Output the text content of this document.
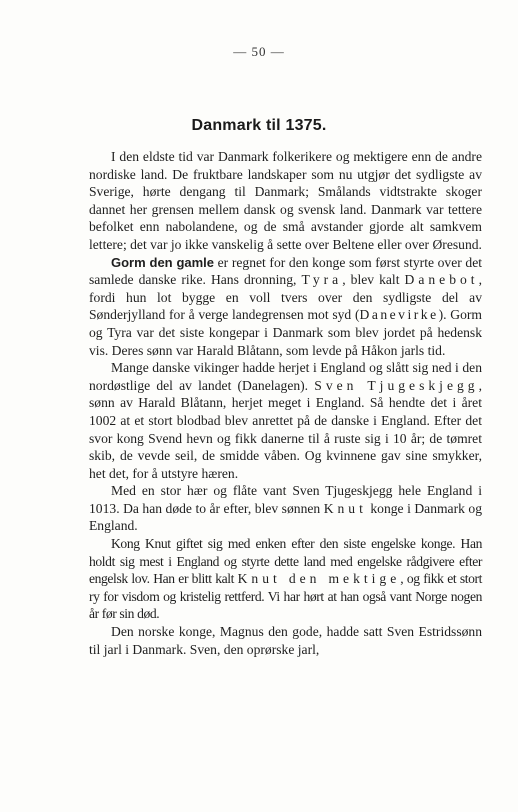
— 50 —
Danmark til 1375.

I den eldste tid var Danmark folkerikere og mektigere enn de andre nordiske land. De fruktbare landskaper som nu utgjør det sydligste av Sverige, hørte dengang til Danmark; Smålands vidtstrakte skoger dannet her grensen mellem dansk og svensk land. Danmark var tettere befolket enn nabolandene, og de små avstander gjorde alt samkvem lettere; det var jo ikke vanskelig å sette over Beltene eller over Øresund.

Gorm den gamle er regnet for den konge som først styrte over det samlede danske rike. Hans dronning, Tyra, blev kalt Danebot, fordi hun lot bygge en voll tvers over den sydligste del av Sønderjylland for å verge landegrensen mot syd (Danevirke). Gorm og Tyra var det siste kongepar i Danmark som blev jordet på hedensk vis. Deres sønn var Harald Blåtann, som levde på Håkon jarls tid.

Mange danske vikinger hadde herjet i England og slått sig ned i den nordøstlige del av landet (Danelagen). Sven Tjugeskjegg, sønn av Harald Blåtann, herjet meget i England. Så hendte det i året 1002 at et stort blodbad blev anrettet på de danske i England. Efter det svor kong Svend hevn og fikk danerne til å ruste sig i 10 år; de tømret skib, de vevde seil, de smidde våben. Og kvinnene gav sine smykker, het det, for å utstyre hæren.

Med en stor hær og flåte vant Sven Tjugeskjegg hele England i 1013. Da han døde to år efter, blev sønnen Knut konge i Danmark og England.

Kong Knut giftet sig med enken efter den siste engelske konge. Han holdt sig mest i England og styrte dette land med engelske rådgivere efter engelsk lov. Han er blitt kalt Knut den mektige, og fikk et stort ry for visdom og kristelig rettferd. Vi har hørt at han også vant Norge nogen år før sin død.

Den norske konge, Magnus den gode, hadde satt Sven Estridssønn til jarl i Danmark. Sven, den oprørske jarl,
